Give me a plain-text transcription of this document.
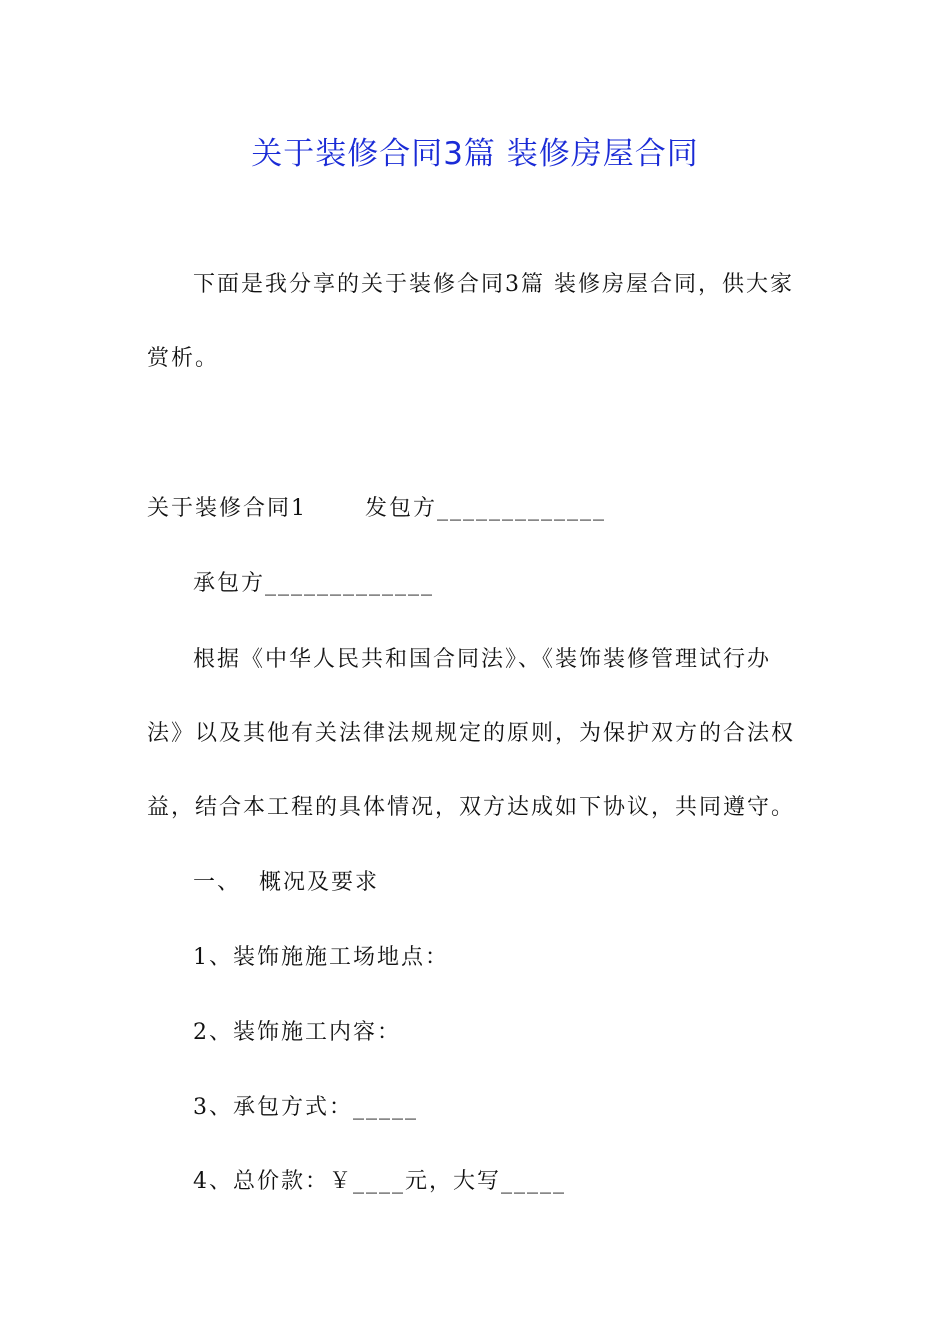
关于装修合同3篇 装修房屋合同
下面是我分享的关于装修合同3篇 装修房屋合同，供大家
赏析。
关于装修合同1	发包方_____________
承包方_____________
根据《中华人民共和国合同法》、《装饰装修管理试行办
法》以及其他有关法律法规规定的原则，为保护双方的合法权
益，结合本工程的具体情况，双方达成如下协议，共同遵守。
一、 概况及要求
1、装饰施施工场地点：
2、装饰施工内容：
3、承包方式：_____
4、总价款：￥____元，大写_____
